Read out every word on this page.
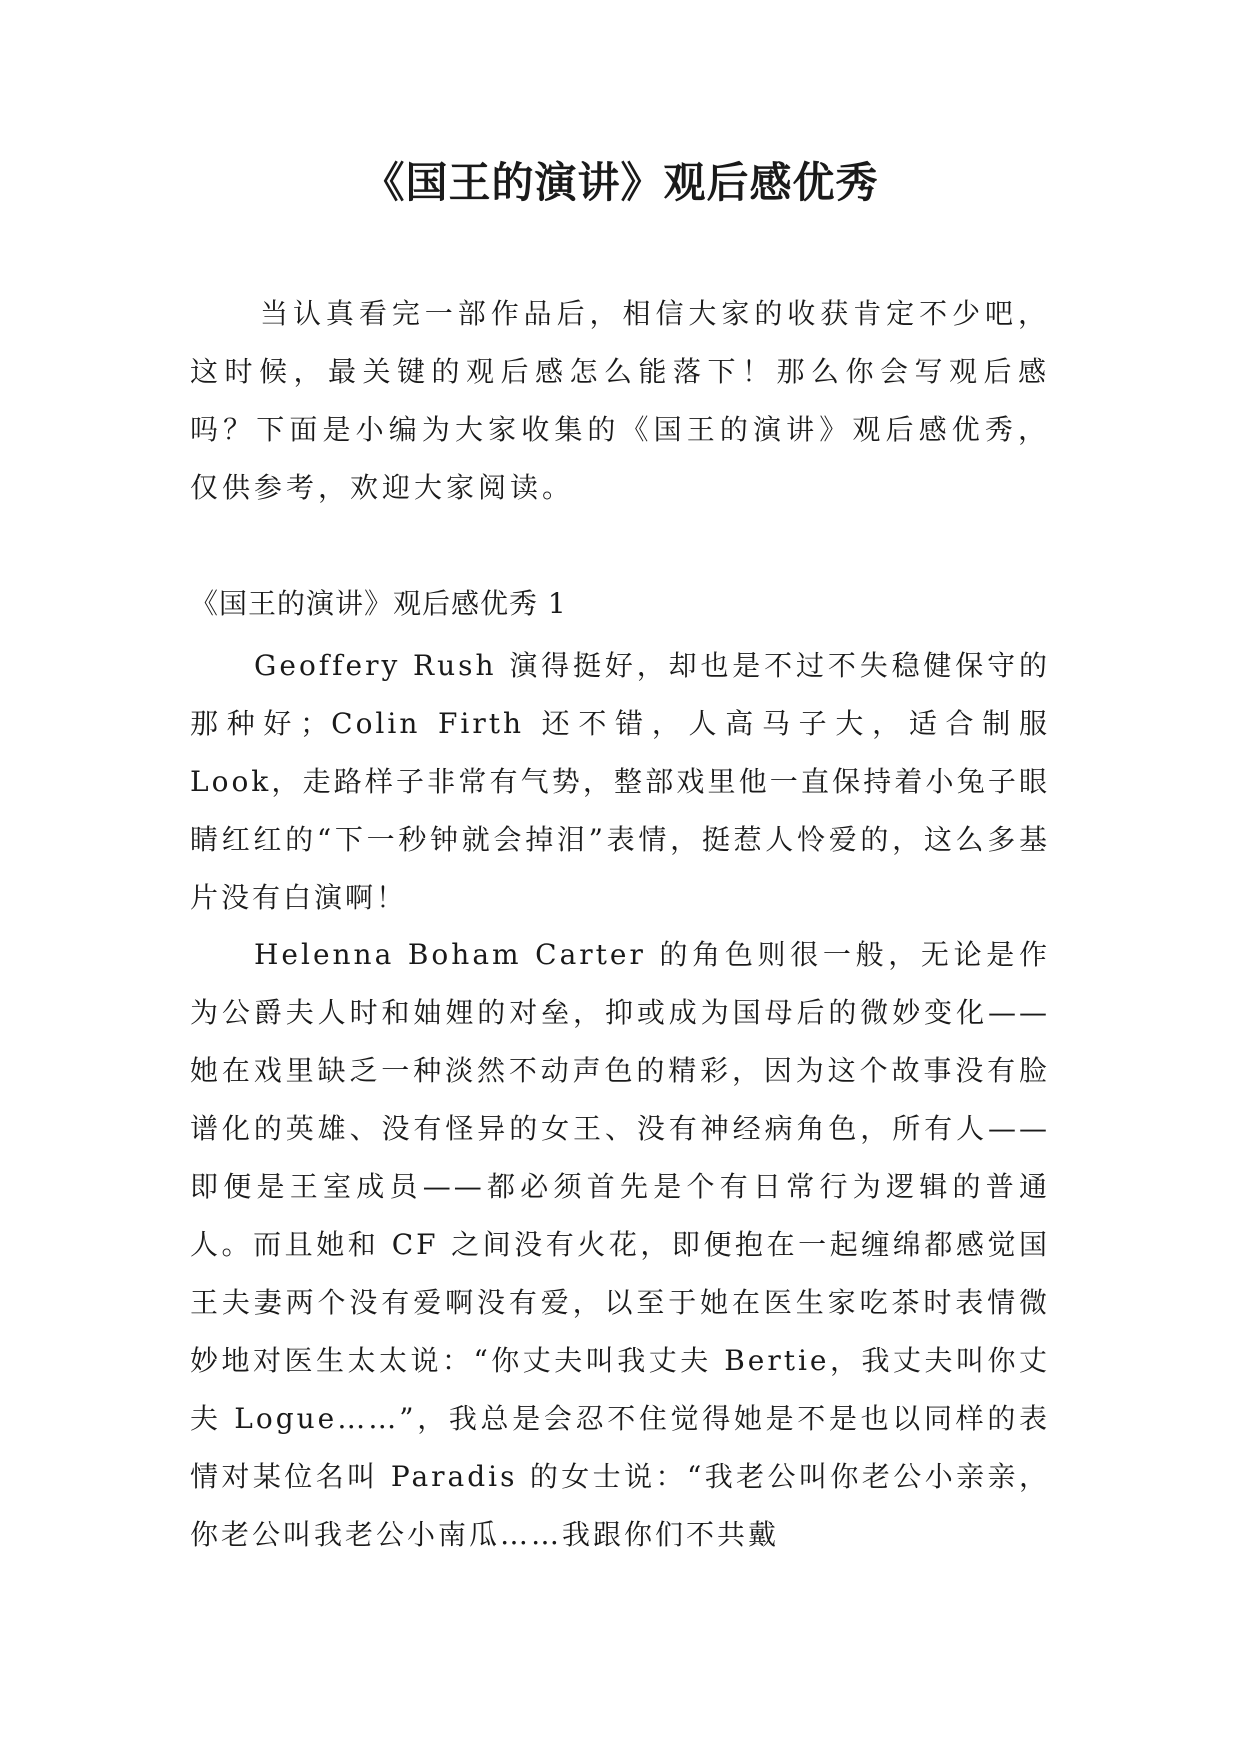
《国王的演讲》观后感优秀

当认真看完一部作品后，相信大家的收获肯定不少吧，这时候，最关键的观后感怎么能落下！那么你会写观后感吗？下面是小编为大家收集的《国王的演讲》观后感优秀，仅供参考，欢迎大家阅读。

《国王的演讲》观后感优秀 1

Geoffery Rush 演得挺好，却也是不过不失稳健保守的那种好；Colin Firth 还不错，人高马子大，适合制服 Look，走路样子非常有气势，整部戏里他一直保持着小兔子眼睛红红的“下一秒钟就会掉泪”表情，挺惹人怜爱的，这么多基片没有白演啊！

Helenna Boham Carter 的角色则很一般，无论是作为公爵夫人时和妯娌的对垒，抑或成为国母后的微妙变化——她在戏里缺乏一种淡然不动声色的精彩，因为这个故事没有脸谱化的英雄、没有怪异的女王、没有神经病角色，所有人——即便是王室成员——都必须首先是个有日常行为逻辑的普通人。而且她和 CF 之间没有火花，即便抱在一起缠绵都感觉国王夫妻两个没有爱啊没有爱，以至于她在医生家吃茶时表情微妙地对医生太太说：“你丈夫叫我丈夫 Bertie，我丈夫叫你丈夫 Logue……”，我总是会忍不住觉得她是不是也以同样的表情对某位名叫 Paradis 的女士说：“我老公叫你老公小亲亲，你老公叫我老公小南瓜……我跟你们不共戴
